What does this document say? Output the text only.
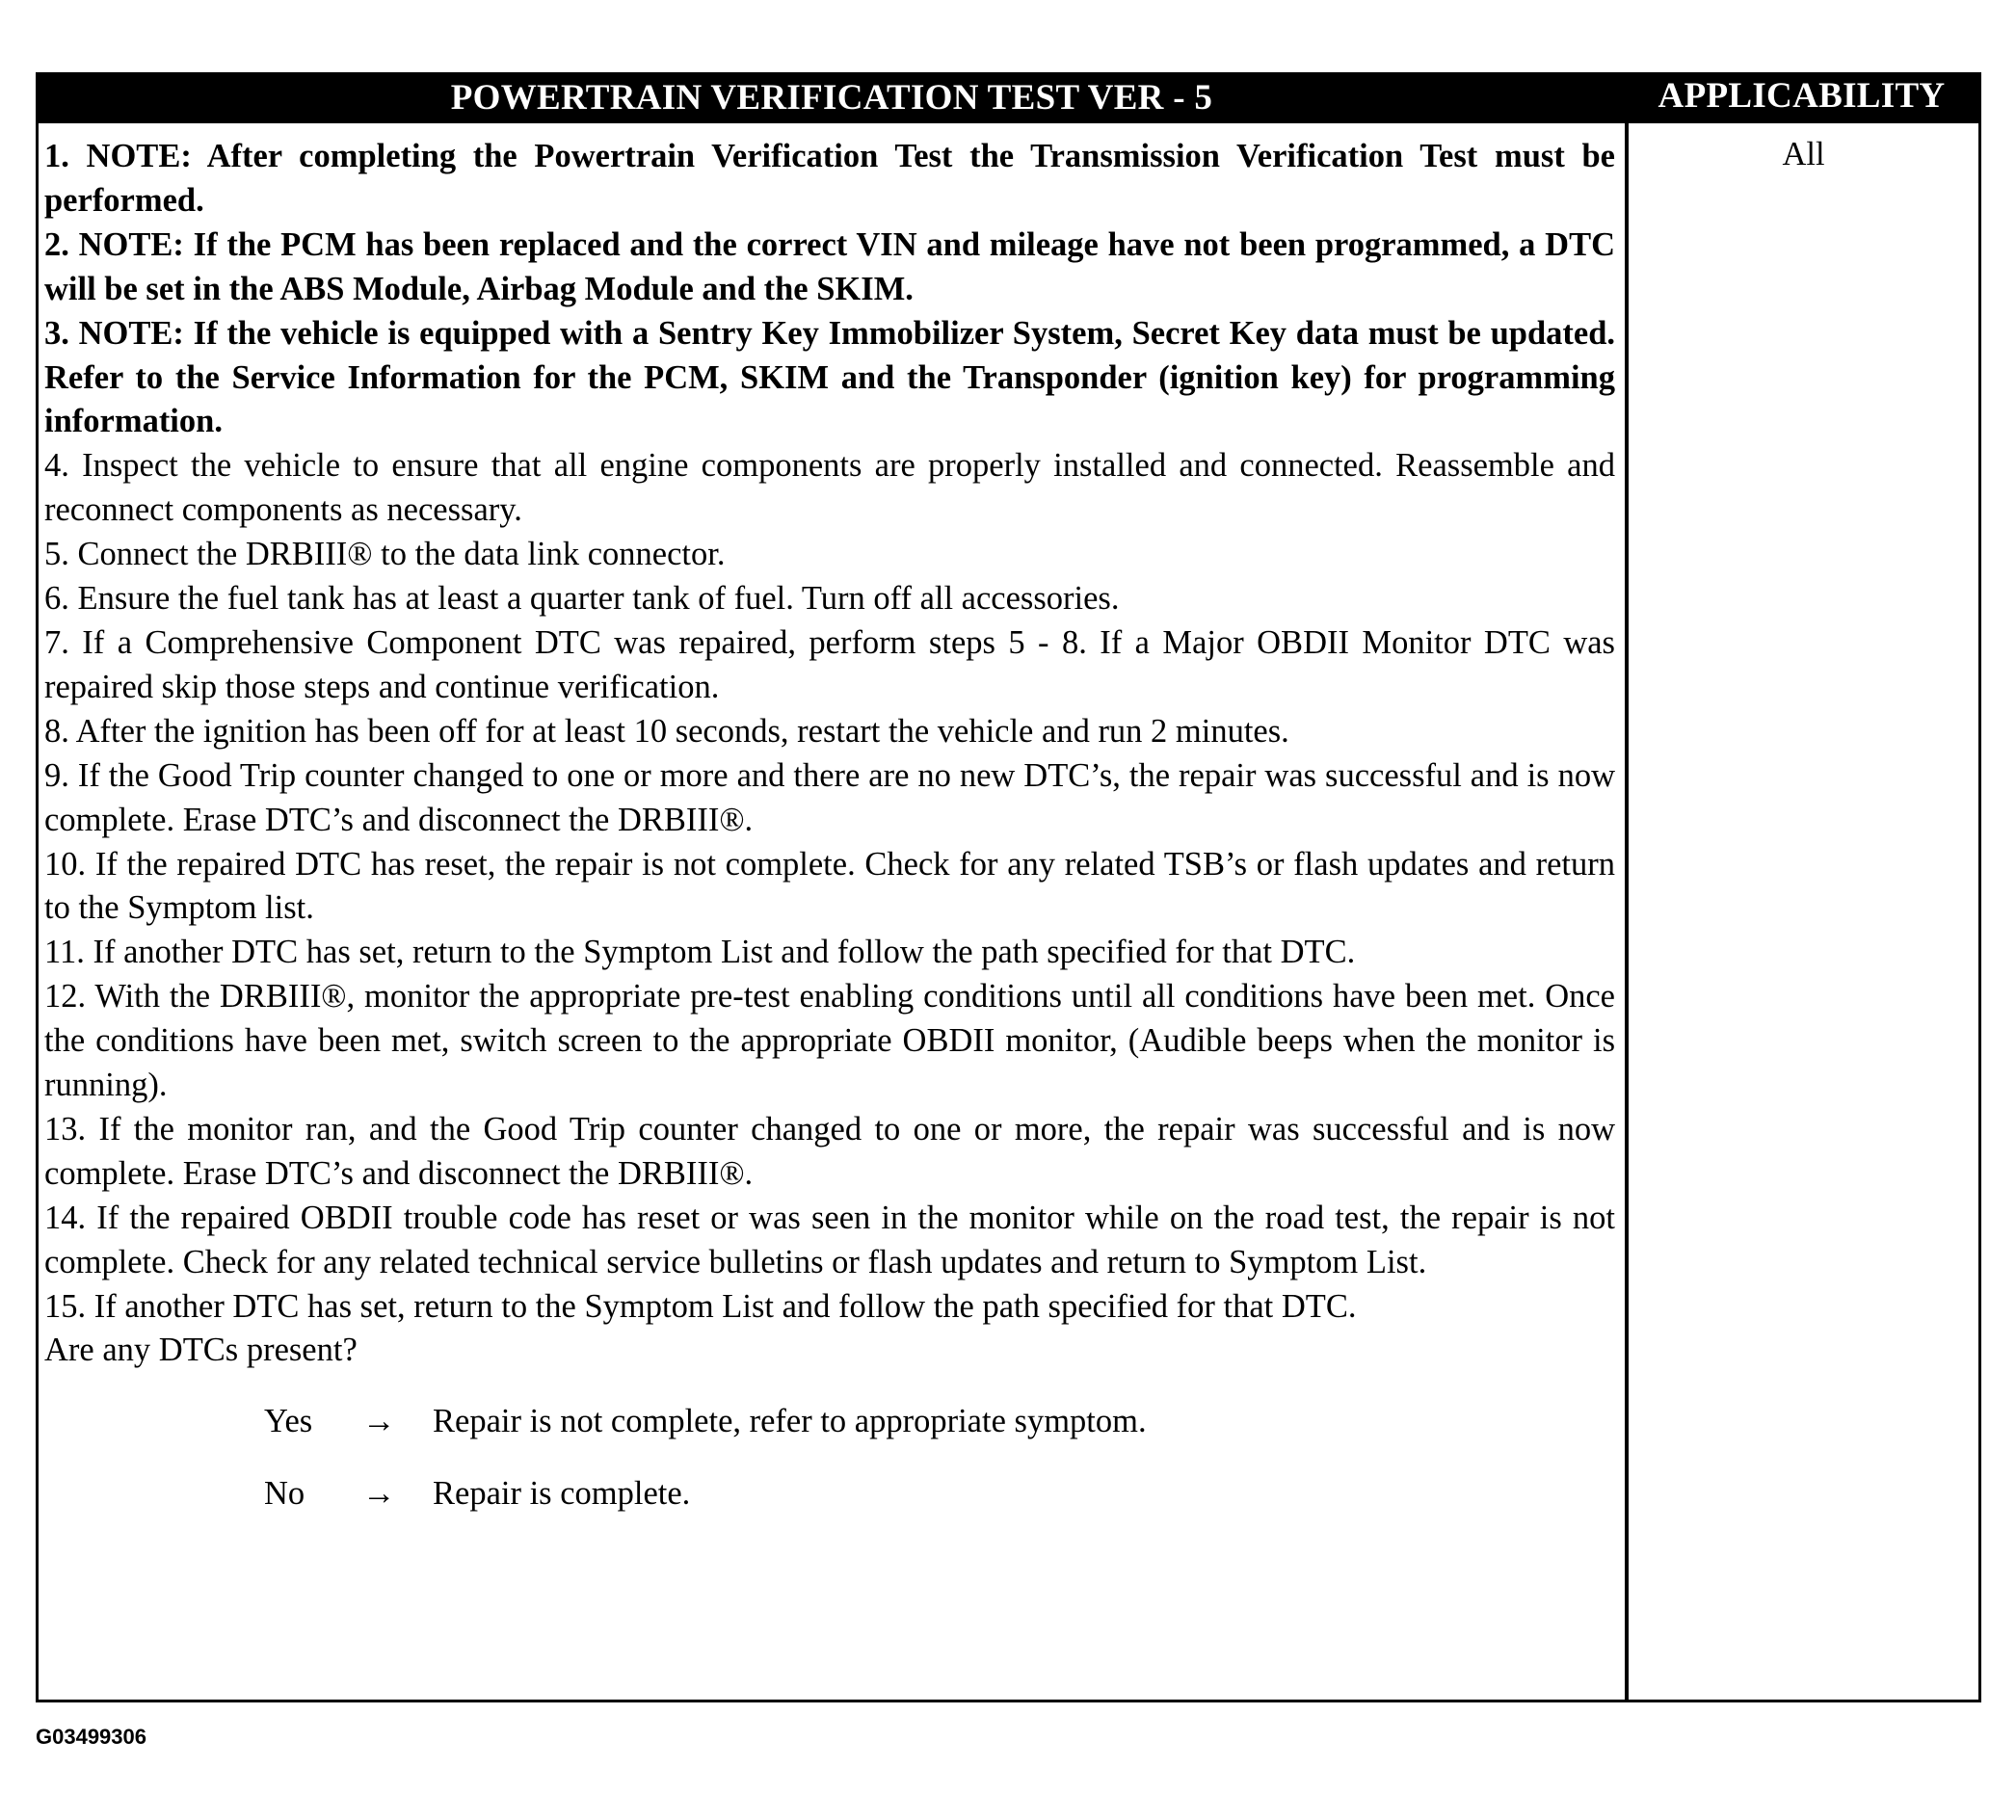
POWERTRAIN VERIFICATION TEST VER - 5	APPLICABILITY
1. NOTE: After completing the Powertrain Verification Test the Transmission Verification Test must be performed.
2. NOTE: If the PCM has been replaced and the correct VIN and mileage have not been programmed, a DTC will be set in the ABS Module, Airbag Module and the SKIM.
3. NOTE: If the vehicle is equipped with a Sentry Key Immobilizer System, Secret Key data must be updated. Refer to the Service Information for the PCM, SKIM and the Transponder (ignition key) for programming information.
4. Inspect the vehicle to ensure that all engine components are properly installed and connected. Reassemble and reconnect components as necessary.
5. Connect the DRBIII® to the data link connector.
6. Ensure the fuel tank has at least a quarter tank of fuel. Turn off all accessories.
7. If a Comprehensive Component DTC was repaired, perform steps 5 - 8. If a Major OBDII Monitor DTC was repaired skip those steps and continue verification.
8. After the ignition has been off for at least 10 seconds, restart the vehicle and run 2 minutes.
9. If the Good Trip counter changed to one or more and there are no new DTC’s, the repair was successful and is now complete. Erase DTC’s and disconnect the DRBIII®.
10. If the repaired DTC has reset, the repair is not complete. Check for any related TSB’s or flash updates and return to the Symptom list.
11. If another DTC has set, return to the Symptom List and follow the path specified for that DTC.
12. With the DRBIII®, monitor the appropriate pre-test enabling conditions until all conditions have been met. Once the conditions have been met, switch screen to the appropriate OBDII monitor, (Audible beeps when the monitor is running).
13. If the monitor ran, and the Good Trip counter changed to one or more, the repair was successful and is now complete. Erase DTC’s and disconnect the DRBIII®.
14. If the repaired OBDII trouble code has reset or was seen in the monitor while on the road test, the repair is not complete. Check for any related technical service bulletins or flash updates and return to Symptom List.
15. If another DTC has set, return to the Symptom List and follow the path specified for that DTC.
Are any DTCs present?
Yes → Repair is not complete, refer to appropriate symptom.
No → Repair is complete.
All
G03499306
